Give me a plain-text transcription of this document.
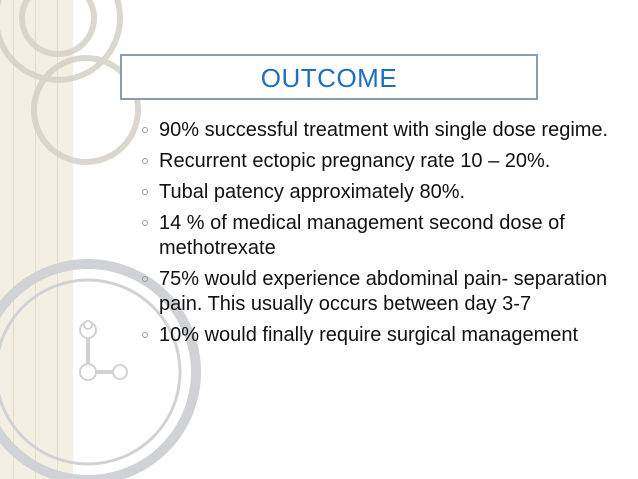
OUTCOME
90% successful treatment with single dose regime.
Recurrent ectopic pregnancy rate 10 – 20%.
Tubal patency approximately 80%.
14 % of medical management second dose of methotrexate
75% would experience abdominal pain- separation pain. This usually occurs between day 3-7
10% would finally require surgical management
